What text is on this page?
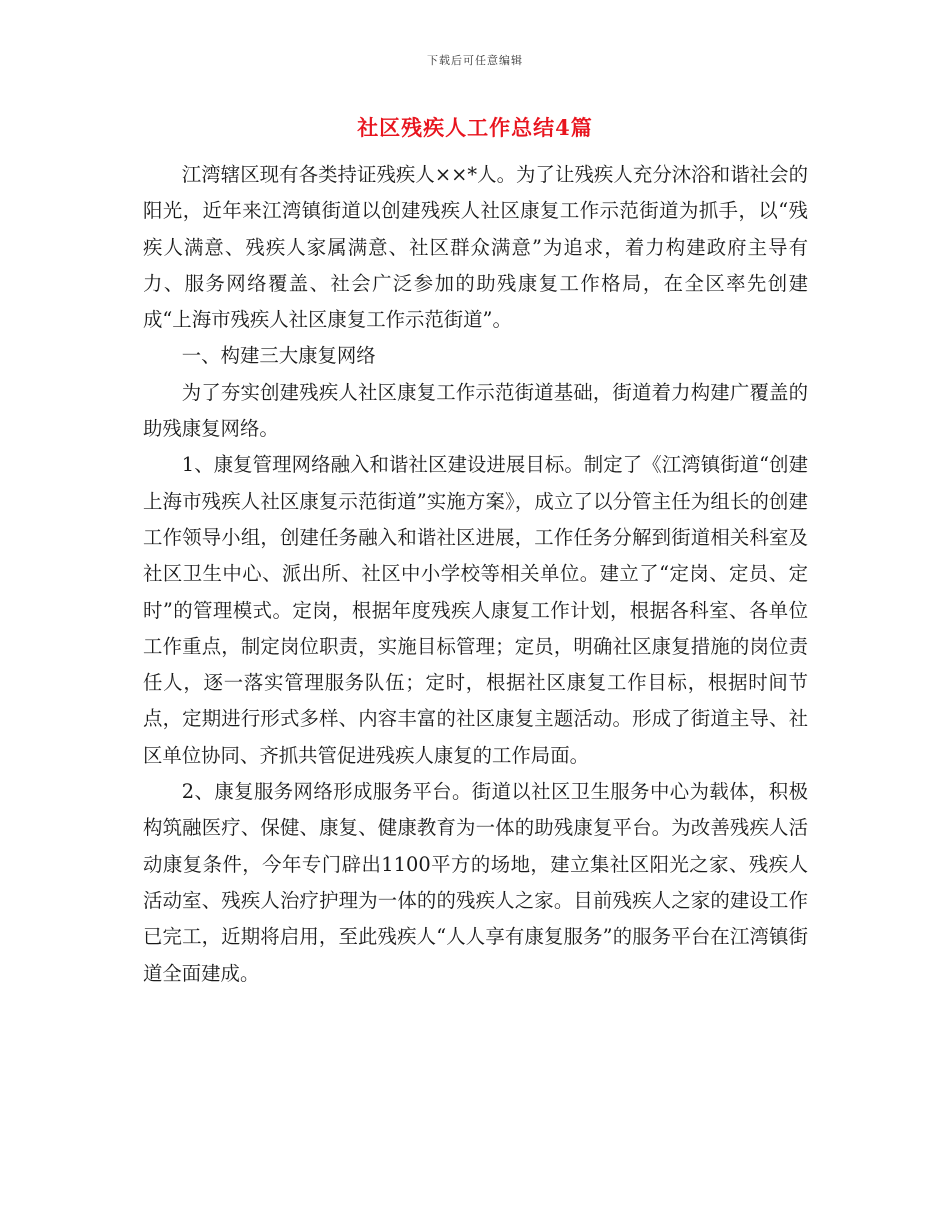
下载后可任意编辑
社区残疾人工作总结4篇

江湾辖区现有各类持证残疾人××*人。为了让残疾人充分沐浴和谐社会的阳光，近年来江湾镇街道以创建残疾人社区康复工作示范街道为抓手，以“残疾人满意、残疾人家属满意、社区群众满意”为追求，着力构建政府主导有力、服务网络覆盖、社会广泛参加的助残康复工作格局，在全区率先创建成“上海市残疾人社区康复工作示范街道”。

一、构建三大康复网络

为了夯实创建残疾人社区康复工作示范街道基础，街道着力构建广覆盖的助残康复网络。

1、康复管理网络融入和谐社区建设进展目标。制定了《江湾镇街道“创建上海市残疾人社区康复示范街道”实施方案》，成立了以分管主任为组长的创建工作领导小组，创建任务融入和谐社区进展，工作任务分解到街道相关科室及社区卫生中心、派出所、社区中小学校等相关单位。建立了“定岗、定员、定时”的管理模式。定岗，根据年度残疾人康复工作计划，根据各科室、各单位工作重点，制定岗位职责，实施目标管理；定员，明确社区康复措施的岗位责任人，逐一落实管理服务队伍；定时，根据社区康复工作目标，根据时间节点，定期进行形式多样、内容丰富的社区康复主题活动。形成了街道主导、社区单位协同、齐抓共管促进残疾人康复的工作局面。

2、康复服务网络形成服务平台。街道以社区卫生服务中心为载体，积极构筑融医疗、保健、康复、健康教育为一体的助残康复平台。为改善残疾人活动康复条件，今年专门辟出1100平方的场地，建立集社区阳光之家、残疾人活动室、残疾人治疗护理为一体的的残疾人之家。目前残疾人之家的建设工作已完工，近期将启用，至此残疾人“人人享有康复服务”的服务平台在江湾镇街道全面建成。
